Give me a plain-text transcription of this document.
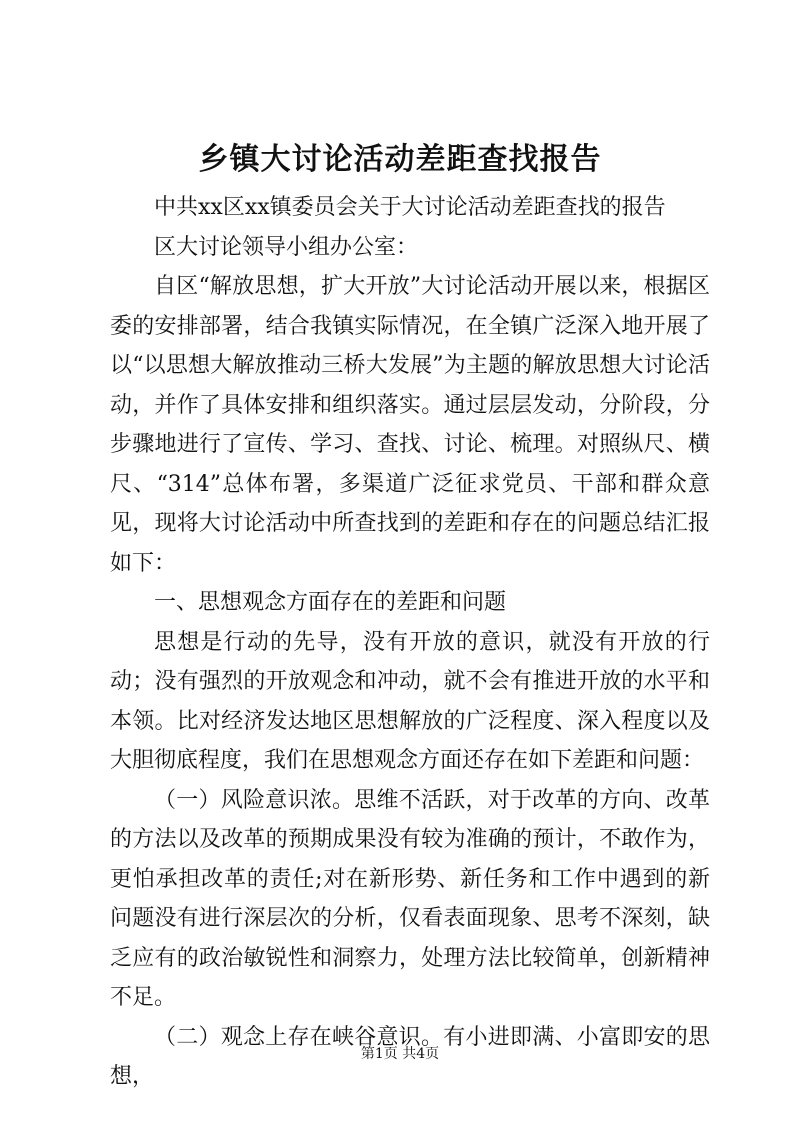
乡镇大讨论活动差距查找报告

中共xx区xx镇委员会关于大讨论活动差距查找的报告

区大讨论领导小组办公室：

自区“解放思想，扩大开放”大讨论活动开展以来，根据区委的安排部署，结合我镇实际情况，在全镇广泛深入地开展了以“以思想大解放推动三桥大发展”为主题的解放思想大讨论活动，并作了具体安排和组织落实。通过层层发动，分阶段，分步骤地进行了宣传、学习、查找、讨论、梳理。对照纵尺、横尺、“314”总体布署，多渠道广泛征求党员、干部和群众意见，现将大讨论活动中所查找到的差距和存在的问题总结汇报如下：

一、思想观念方面存在的差距和问题

思想是行动的先导，没有开放的意识，就没有开放的行动；没有强烈的开放观念和冲动，就不会有推进开放的水平和本领。比对经济发达地区思想解放的广泛程度、深入程度以及大胆彻底程度，我们在思想观念方面还存在如下差距和问题：

（一）风险意识浓。思维不活跃，对于改革的方向、改革的方法以及改革的预期成果没有较为准确的预计，不敢作为，更怕承担改革的责任;对在新形势、新任务和工作中遇到的新问题没有进行深层次的分析，仅看表面现象、思考不深刻，缺乏应有的政治敏锐性和洞察力，处理方法比较简单，创新精神不足。

（二）观念上存在峡谷意识。有小进即满、小富即安的思想，

第1页 共4页
